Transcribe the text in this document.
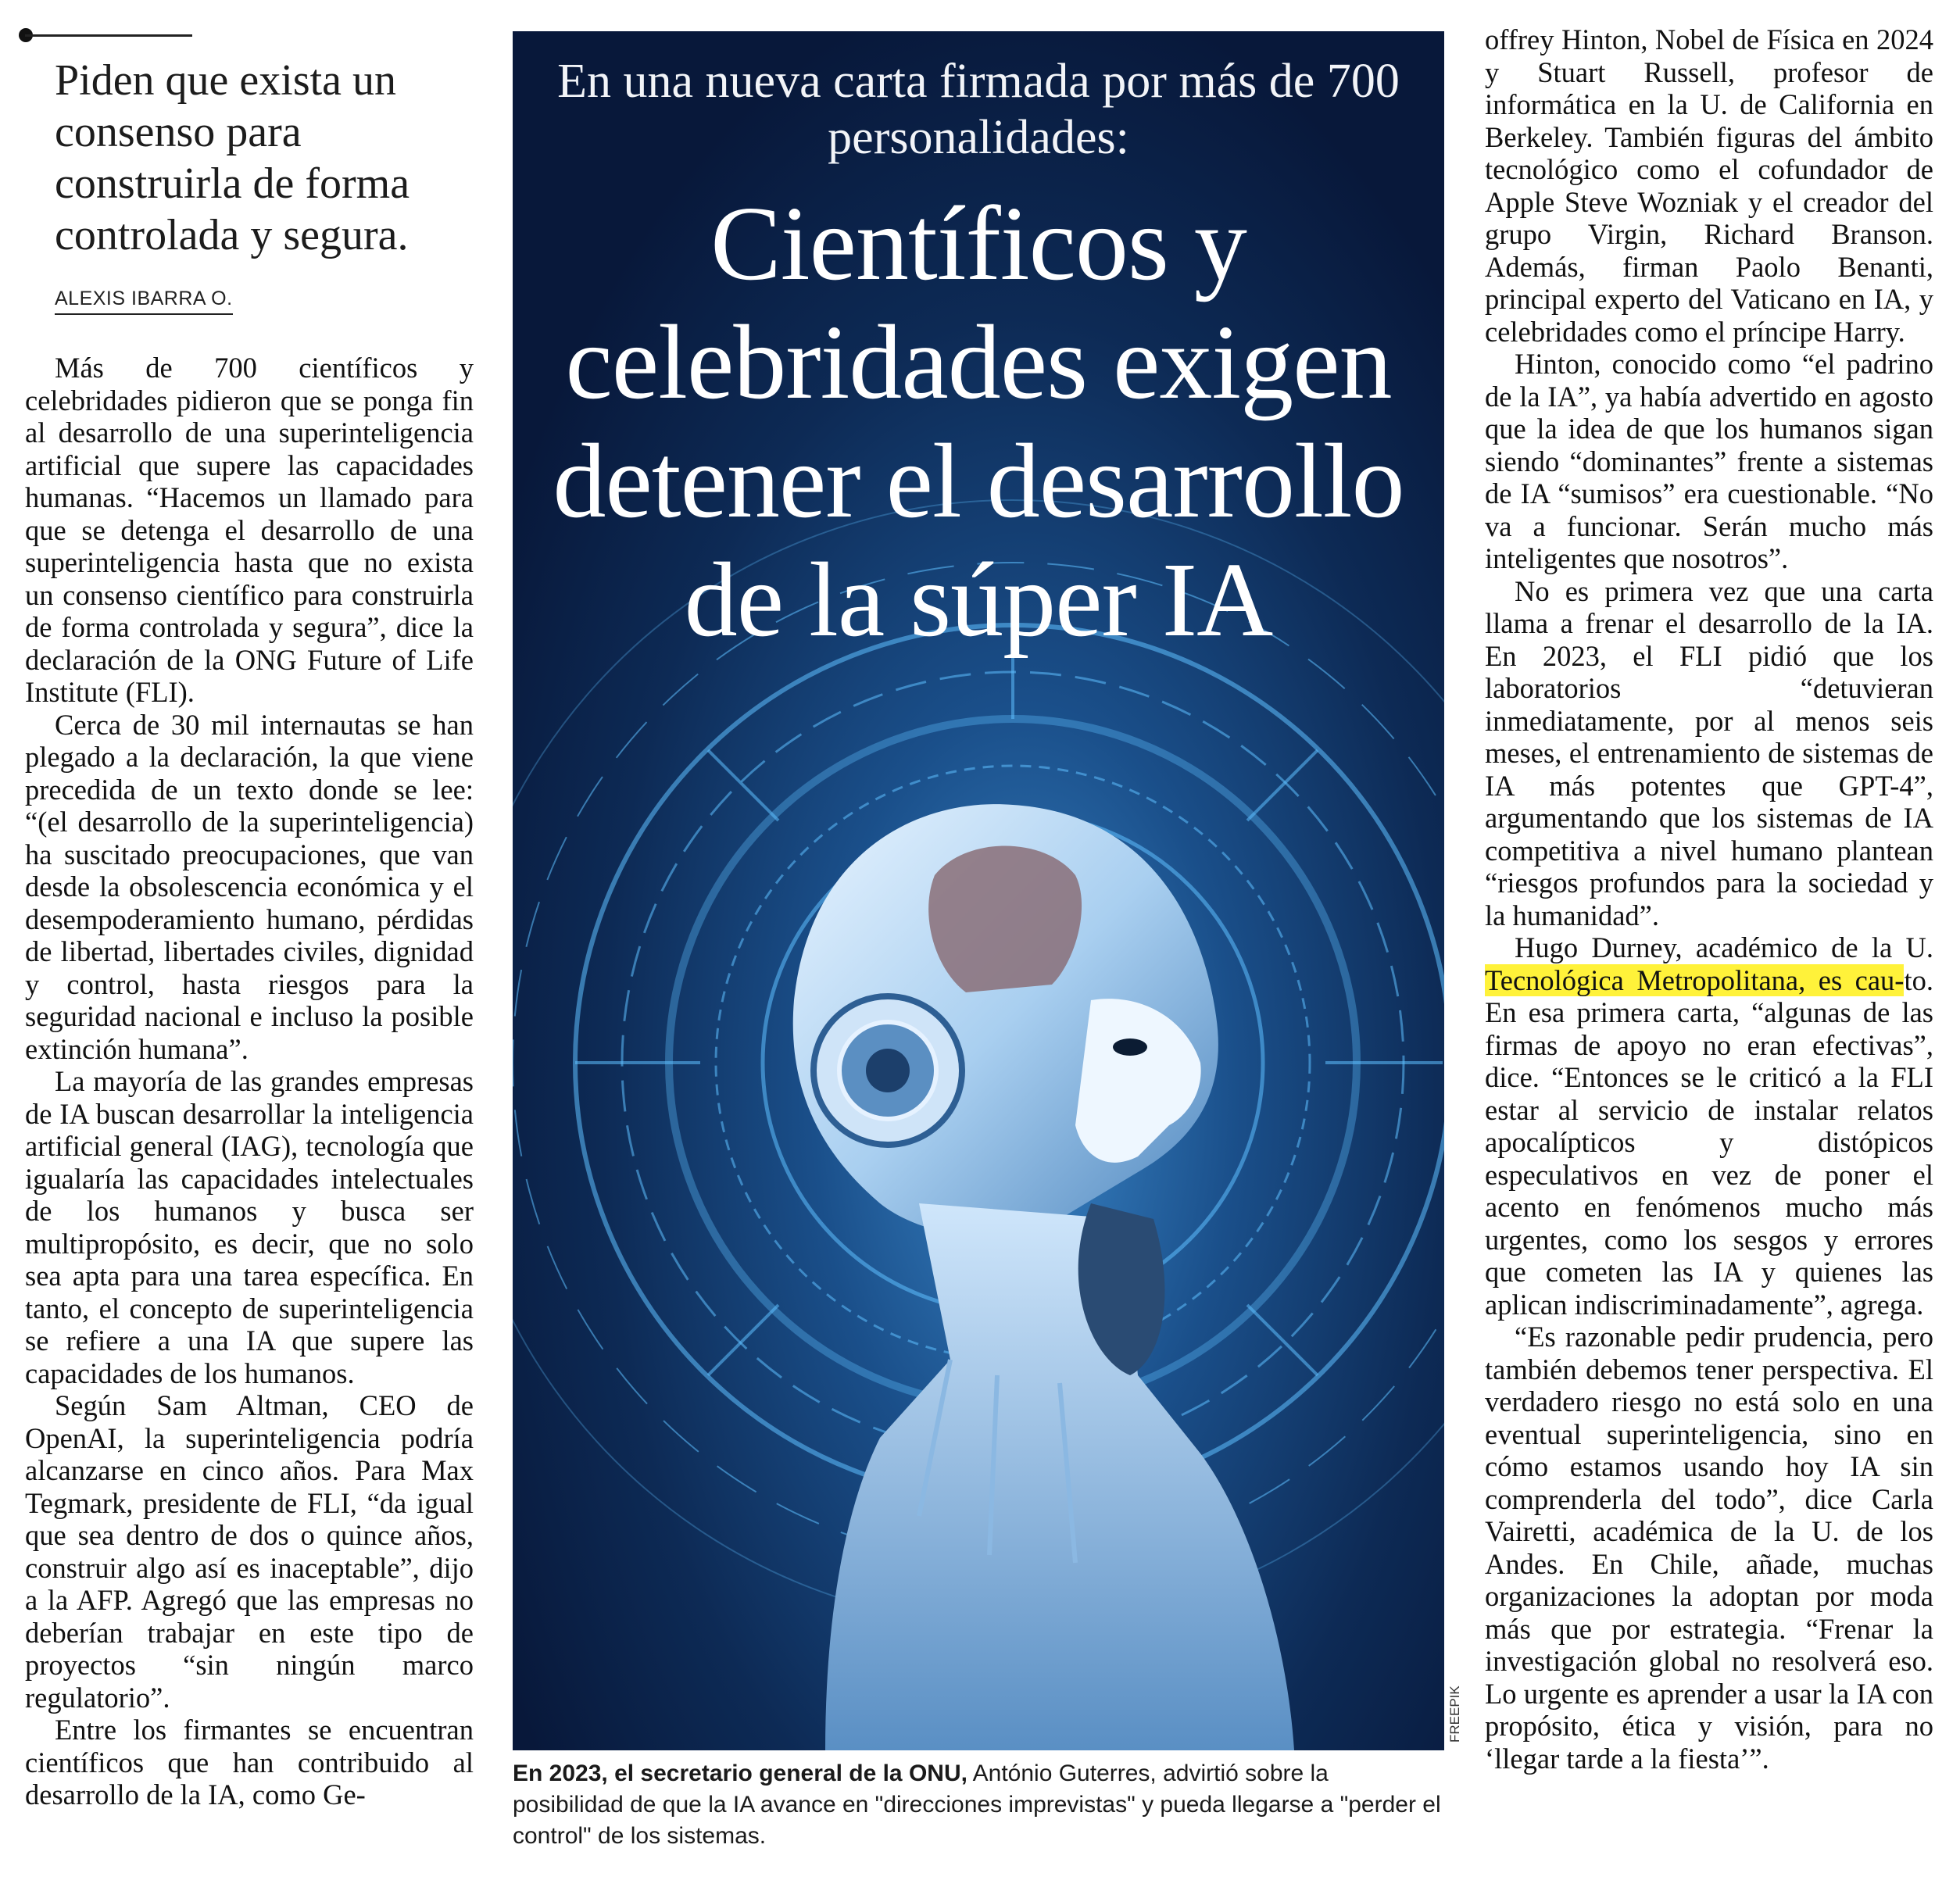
Piden que exista un consenso para construirla de forma controlada y segura.
ALEXIS IBARRA O.

Más de 700 científicos y celebridades pidieron que se ponga fin al desarrollo de una superinteligencia artificial que supere las capacidades humanas. “Hacemos un llamado para que se detenga el desarrollo de una superinteligencia hasta que no exista un consenso científico para construirla de forma controlada y segura”, dice la declaración de la ONG Future of Life Institute (FLI).

Cerca de 30 mil internautas se han plegado a la declaración, la que viene precedida de un texto donde se lee: “(el desarrollo de la superinteligencia) ha suscitado preocupaciones, que van desde la obsolescencia económica y el desempoderamiento humano, pérdidas de libertad, libertades civiles, dignidad y control, hasta riesgos para la seguridad nacional e incluso la posible extinción humana”.

La mayoría de las grandes empresas de IA buscan desarrollar la inteligencia artificial general (IAG), tecnología que igualaría las capacidades intelectuales de los humanos y busca ser multipropósito, es decir, que no solo sea apta para una tarea específica. En tanto, el concepto de superinteligencia se refiere a una IA que supere las capacidades de los humanos.

Según Sam Altman, CEO de OpenAI, la superinteligencia podría alcanzarse en cinco años. Para Max Tegmark, presidente de FLI, “da igual que sea dentro de dos o quince años, construir algo así es inaceptable”, dijo a la AFP. Agregó que las empresas no deberían trabajar en este tipo de proyectos “sin ningún marco regulatorio”.

Entre los firmantes se encuentran científicos que han contribuido al desarrollo de la IA, como Ge-

En una nueva carta firmada por más de 700 personalidades:
Científicos y celebridades exigen detener el desarrollo de la súper IA
FREEPIK
En 2023, el secretario general de la ONU, António Guterres, advirtió sobre la posibilidad de que la IA avance en "direcciones imprevistas" y pueda llegarse a "perder el control" de los sistemas.

offrey Hinton, Nobel de Física en 2024 y Stuart Russell, profesor de informática en la U. de California en Berkeley. También figuras del ámbito tecnológico como el cofundador de Apple Steve Wozniak y el creador del grupo Virgin, Richard Branson. Además, firman Paolo Benanti, principal experto del Vaticano en IA, y celebridades como el príncipe Harry.

Hinton, conocido como “el padrino de la IA”, ya había advertido en agosto que la idea de que los humanos sigan siendo “dominantes” frente a sistemas de IA “sumisos” era cuestionable. “No va a funcionar. Serán mucho más inteligentes que nosotros”.

No es primera vez que una carta llama a frenar el desarrollo de la IA. En 2023, el FLI pidió que los laboratorios “detuvieran inmediatamente, por al menos seis meses, el entrenamiento de sistemas de IA más potentes que GPT-4”, argumentando que los sistemas de IA competitiva a nivel humano plantean “riesgos profundos para la sociedad y la humanidad”.

Hugo Durney, académico de la U. Tecnológica Metropolitana, es cau-to. En esa primera carta, “algunas de las firmas de apoyo no eran efectivas”, dice. “Entonces se le criticó a la FLI estar al servicio de instalar relatos apocalípticos y distópicos especulativos en vez de poner el acento en fenómenos mucho más urgentes, como los sesgos y errores que cometen las IA y quienes las aplican indiscriminadamente”, agrega.

“Es razonable pedir prudencia, pero también debemos tener perspectiva. El verdadero riesgo no está solo en una eventual superinteligencia, sino en cómo estamos usando hoy IA sin comprenderla del todo”, dice Carla Vairetti, académica de la U. de los Andes. En Chile, añade, muchas organizaciones la adoptan por moda más que por estrategia. “Frenar la investigación global no resolverá eso. Lo urgente es aprender a usar la IA con propósito, ética y visión, para no ‘llegar tarde a la fiesta’”.
